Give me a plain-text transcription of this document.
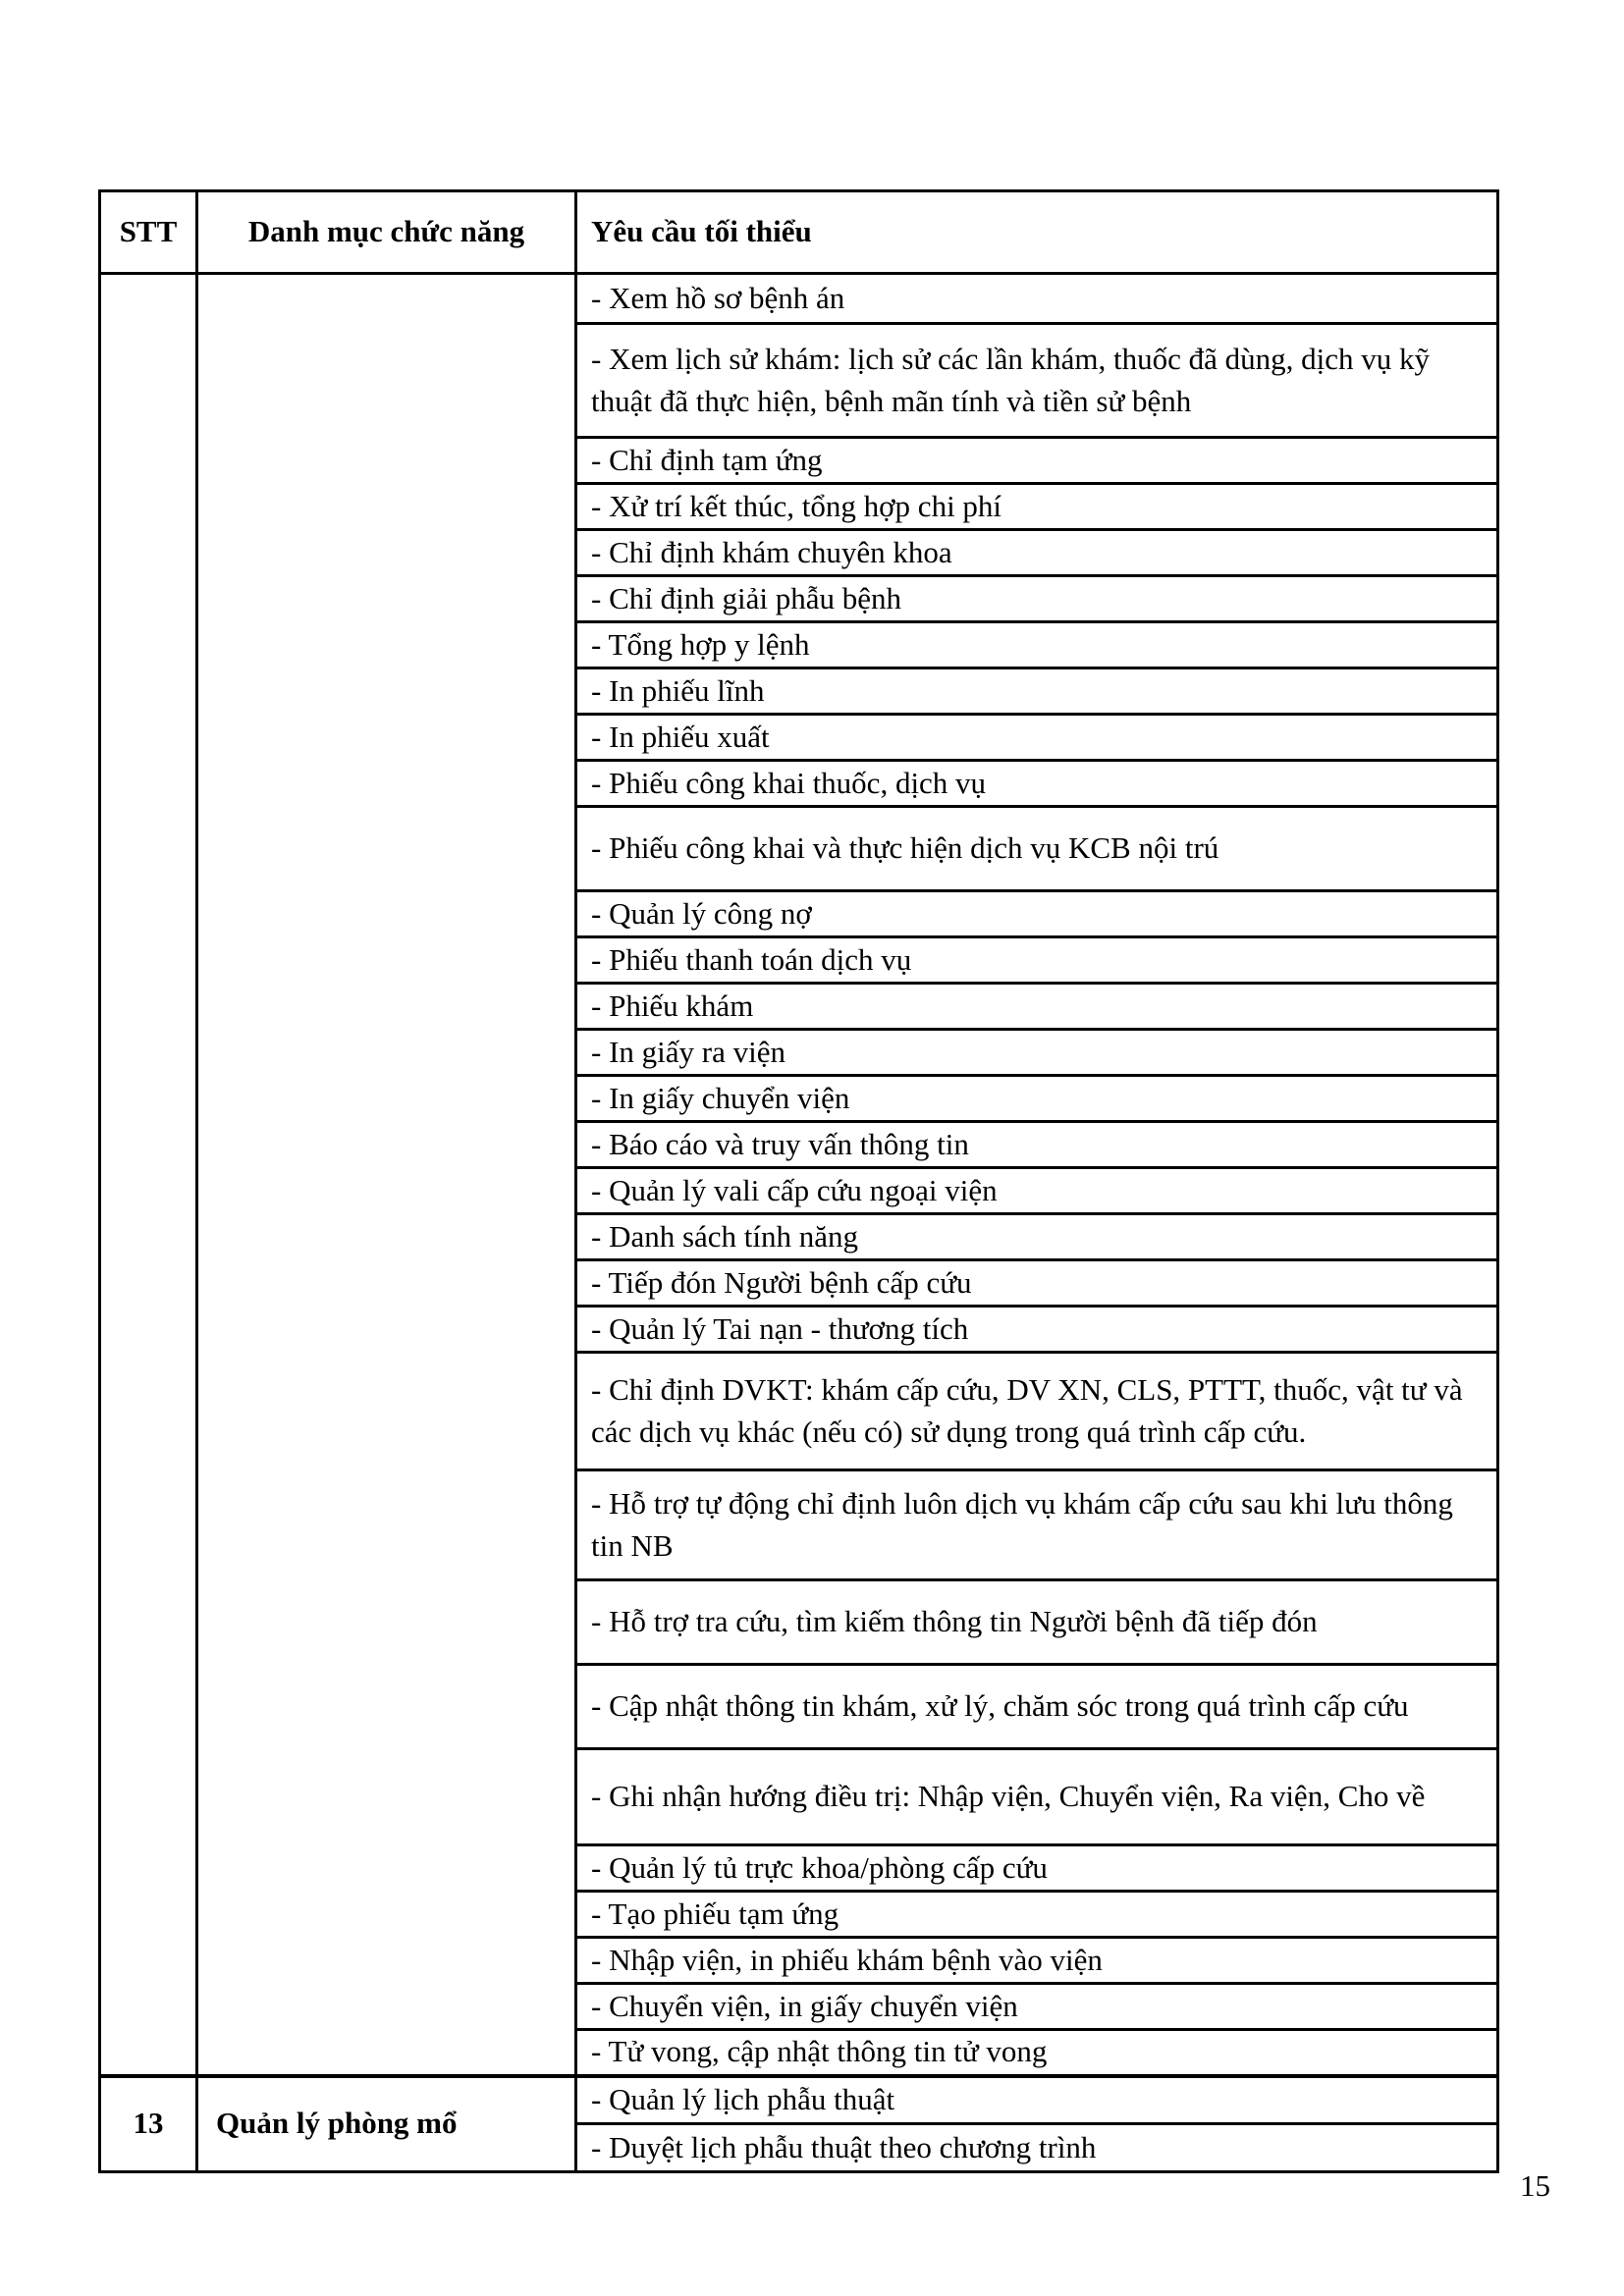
STT	Danh mục chức năng	Yêu cầu tối thiểu
		- Xem hồ sơ bệnh án
		- Xem lịch sử khám: lịch sử các lần khám, thuốc đã dùng, dịch vụ kỹ thuật đã thực hiện, bệnh mãn tính và tiền sử bệnh
		- Chỉ định tạm ứng
		- Xử trí kết thúc, tổng hợp chi phí
		- Chỉ định khám chuyên khoa
		- Chỉ định giải phẫu bệnh
		- Tổng hợp y lệnh
		- In phiếu lĩnh
		- In phiếu xuất
		- Phiếu công khai thuốc, dịch vụ
		- Phiếu công khai và thực hiện dịch vụ KCB nội trú
		- Quản lý công nợ
		- Phiếu thanh toán dịch vụ
		- Phiếu khám
		- In giấy ra viện
		- In giấy chuyển viện
		- Báo cáo và truy vấn thông tin
		- Quản lý vali cấp cứu ngoại viện
		- Danh sách tính năng
		- Tiếp đón Người bệnh cấp cứu
		- Quản lý Tai nạn - thương tích
		- Chỉ định DVKT: khám cấp cứu, DV XN, CLS, PTTT, thuốc, vật tư và các dịch vụ khác (nếu có) sử dụng trong quá trình cấp cứu.
		- Hỗ trợ tự động chỉ định luôn dịch vụ khám cấp cứu sau khi lưu thông tin NB
		- Hỗ trợ tra cứu, tìm kiếm thông tin Người bệnh đã tiếp đón
		- Cập nhật thông tin khám, xử lý, chăm sóc trong quá trình cấp cứu
		- Ghi nhận hướng điều trị: Nhập viện, Chuyển viện, Ra viện, Cho về
		- Quản lý tủ trực khoa/phòng cấp cứu
		- Tạo phiếu tạm ứng
		- Nhập viện, in phiếu khám bệnh vào viện
		- Chuyển viện, in giấy chuyển viện
		- Tử vong, cập nhật thông tin tử vong
13	Quản lý phòng mổ	- Quản lý lịch phẫu thuật
		- Duyệt lịch phẫu thuật theo chương trình
15
